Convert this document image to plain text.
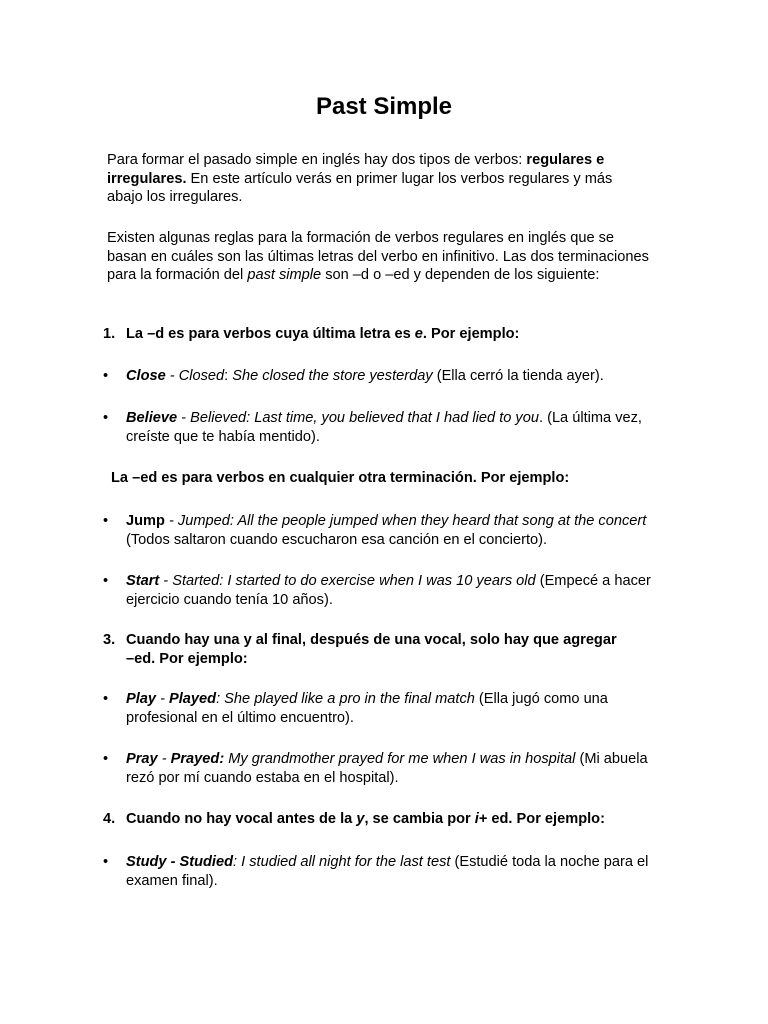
Past Simple
Para formar el pasado simple en inglés hay dos tipos de verbos: regulares e irregulares. En este artículo verás en primer lugar los verbos regulares y más abajo los irregulares.
Existen algunas reglas para la formación de verbos regulares en inglés que se basan en cuáles son las últimas letras del verbo en infinitivo. Las dos terminaciones para la formación del past simple son –d o –ed y dependen de los siguiente:
1. La –d es para verbos cuya última letra es e. Por ejemplo:
•	Close - Closed: She closed the store yesterday (Ella cerró la tienda ayer).
•	Believe - Believed: Last time, you believed that I had lied to you. (La última vez, creíste que te había mentido).
La –ed es para verbos en cualquier otra terminación. Por ejemplo:
•	Jump - Jumped: All the people jumped when they heard that song at the concert (Todos saltaron cuando escucharon esa canción en el concierto).
•	Start - Started: I started to do exercise when I was 10 years old (Empecé a hacer ejercicio cuando tenía 10 años).
3. Cuando hay una y al final, después de una vocal, solo hay que agregar
–ed. Por ejemplo:
•	Play - Played: She played like a pro in the final match (Ella jugó como una profesional en el último encuentro).
•	Pray - Prayed: My grandmother prayed for me when I was in hospital (Mi abuela rezó por mí cuando estaba en el hospital).
4. Cuando no hay vocal antes de la y, se cambia por i+ ed. Por ejemplo:
•	Study - Studied: I studied all night for the last test (Estudié toda la noche para el examen final).
